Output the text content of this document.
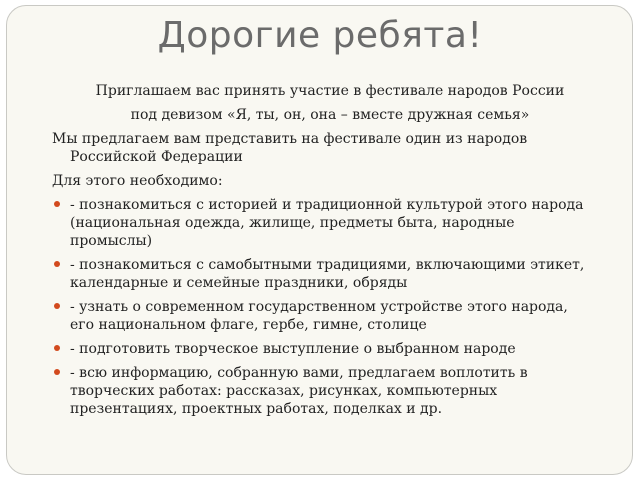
Дорогие ребята!
Приглашаем вас принять участие в фестивале народов России
под девизом «Я, ты, он, она – вместе дружная семья»
Мы предлагаем вам представить на фестивале один из народов Российской Федерации
Для этого необходимо:
- познакомиться с историей и традиционной культурой этого народа (национальная одежда, жилище, предметы быта, народные промыслы)
- познакомиться с самобытными традициями, включающими этикет, календарные и семейные праздники, обряды
- узнать о современном государственном устройстве этого народа, его национальном флаге, гербе, гимне, столице
- подготовить творческое выступление о выбранном народе
- всю информацию, собранную вами, предлагаем воплотить в творческих работах: рассказах, рисунках, компьютерных презентациях, проектных работах, поделках и др.
